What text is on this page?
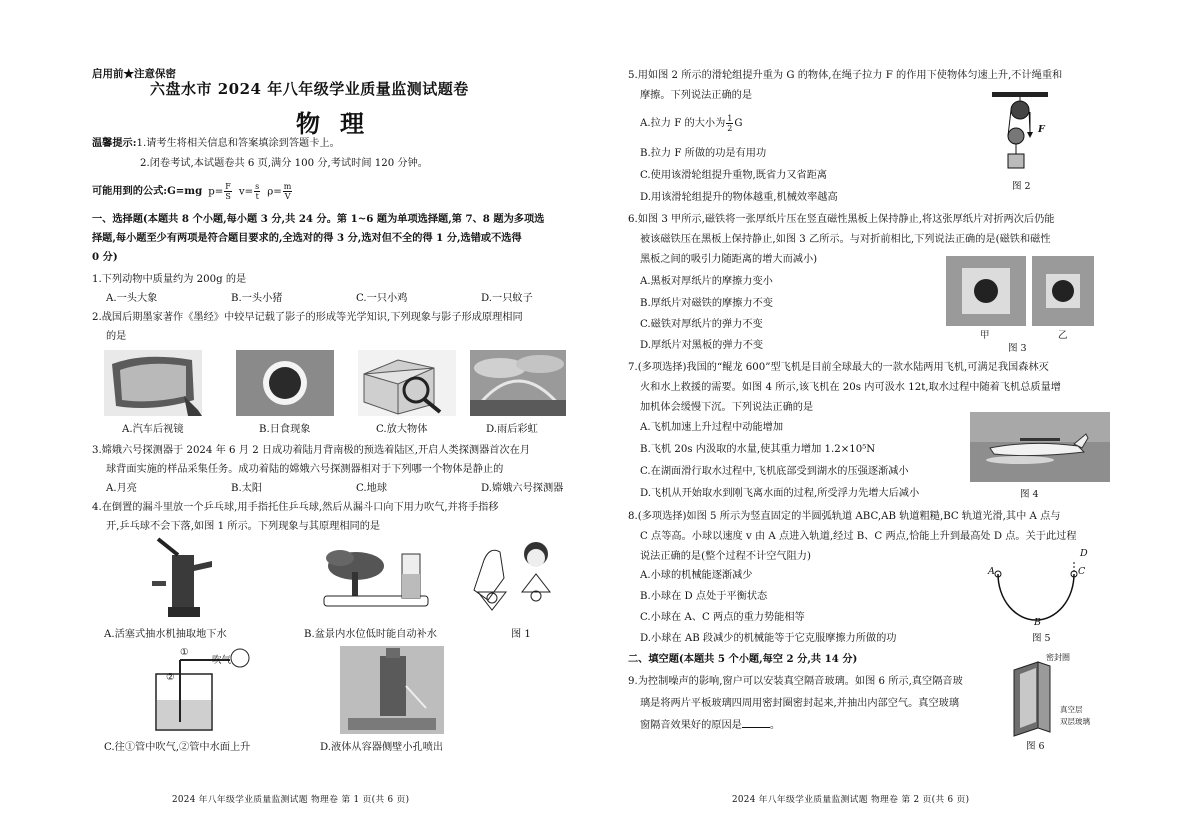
启用前★注意保密
六盘水市 2024 年八年级学业质量监测试题卷
物理
温馨提示:1.请考生将相关信息和答案填涂到答题卡上。
2.闭卷考试,本试题卷共 6 页,满分 100 分,考试时间 120 分钟。
可能用到的公式:G=mg $p= \frac{F}{S} v= \frac{s}{t} \rho= \frac{m}{V}$
一、选择题(本题共 8 个小题,每小题 3 分,共 24 分。第 1~6 题为单项选择题,第 7、8 题为多项选
择题,每小题至少有两项是符合题目要求的,全选对的得 3 分,选对但不全的得 1 分,选错或不选得
0 分)
1.下列动物中质量约为 200g 的是
A.一头大象	B.一头小猪	C.一只小鸡	D.一只蚊子
2.战国后期墨家著作《墨经》中较早记载了影子的形成等光学知识,下列现象与影子形成原理相同
的是
A.汽车后视镜	B.日食现象	C.放大物体	D.雨后彩虹
3.嫦娥六号探测器于 2024 年 6 月 2 日成功着陆月背南极的预选着陆区,开启人类探测器首次在月
球背面实施的样品采集任务。成功着陆的嫦娥六号探测器相对于下列哪一个物体是静止的
A.月亮	B.太阳	C.地球	D.嫦娥六号探测器
4.在倒置的漏斗里放一个乒乓球,用手指托住乒乓球,然后从漏斗口向下用力吹气,并将手指移
开,乒乓球不会下落,如图 1 所示。下列现象与其原理相同的是
A.活塞式抽水机抽取地下水	B.盆景内水位低时能自动补水	图 1
①
②
吹气
C.往①管中吹气,②管中水面上升	D.液体从容器侧壁小孔喷出
2024 年八年级学业质量监测试题 物理卷 第 1 页(共 6 页)
5.用如图 2 所示的滑轮组提升重为 G 的物体,在绳子拉力 F 的作用下使物体匀速上升,不计绳重和
摩擦。下列说法正确的是
A.拉力 F 的大小为 $\frac{1}{2}$ G
B.拉力 F 所做的功是有用功
C.使用该滑轮组提升重物,既省力又省距离
D.用该滑轮组提升的物体越重,机械效率越高
F
图 2
6.如图 3 甲所示,磁铁将一张厚纸片压在竖直磁性黑板上保持静止,将这张厚纸片对折两次后仍能
被该磁铁压在黑板上保持静止,如图 3 乙所示。与对折前相比,下列说法正确的是(磁铁和磁性
黑板之间的吸引力随距离的增大而减小)
A.黑板对厚纸片的摩擦力变小
B.厚纸片对磁铁的摩擦力不变
C.磁铁对厚纸片的弹力不变
D.厚纸片对黑板的弹力不变
甲	乙
图 3
7.(多项选择)我国的“鲲龙 600”型飞机是目前全球最大的一款水陆两用飞机,可满足我国森林灭
火和水上救援的需要。如图 4 所示,该飞机在 20s 内可汲水 12t,取水过程中随着飞机总质量增
加机体会缓慢下沉。下列说法正确的是
A.飞机加速上升过程中动能增加
B.飞机 20s 内汲取的水量,使其重力增加 1.2×10⁵N
C.在湖面滑行取水过程中,飞机底部受到湖水的压强逐渐减小
D.飞机从开始取水到刚飞离水面的过程,所受浮力先增大后减小	图 4
8.(多项选择)如图 5 所示为竖直固定的半圆弧轨道 ABC,AB 轨道粗糙,BC 轨道光滑,其中 A 点与
C 点等高。小球以速度 v 由 A 点进入轨道,经过 B、C 两点,恰能上升到最高处 D 点。关于此过程
说法正确的是(整个过程不计空气阻力)
A.小球的机械能逐渐减少
B.小球在 D 点处于平衡状态
C.小球在 A、C 两点的重力势能相等
D.小球在 AB 段减少的机械能等于它克服摩擦力所做的功
A
B
C
D
图 5
二、填空题(本题共 5 个小题,每空 2 分,共 14 分)
9.为控制噪声的影响,窗户可以安装真空隔音玻璃。如图 6 所示,真空隔音玻
璃是将两片平板玻璃四周用密封圈密封起来,并抽出内部空气。真空玻璃
窗隔音效果好的原因是	。
密封圈
真空层
双层玻璃
图 6
2024 年八年级学业质量监测试题 物理卷 第 2 页(共 6 页)
